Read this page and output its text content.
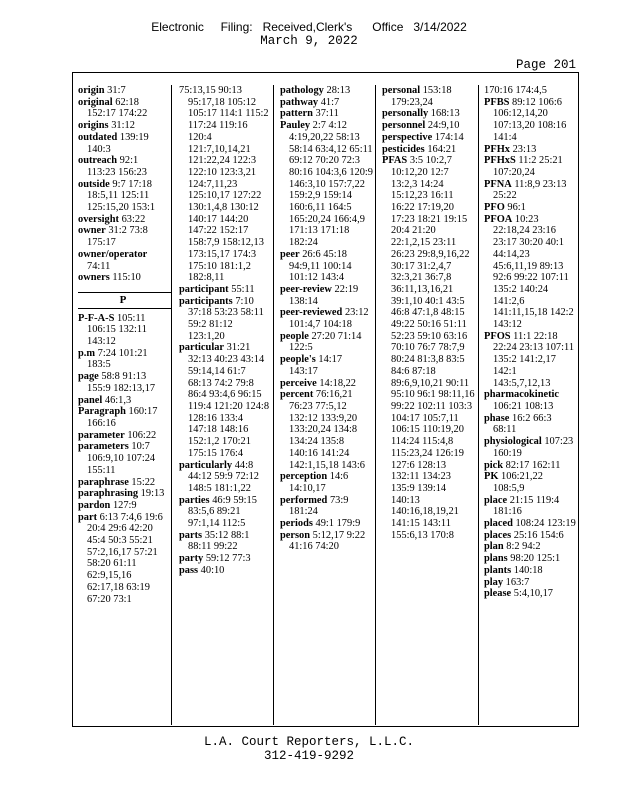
Electronic     Filing:   Received,Clerk's      Office   3/14/2022
March 9, 2022
Page 201
origin 31:7
original 62:18 152:17 174:22
origins 31:12
outdated 139:19 140:3
outreach 92:1 113:23 156:23
outside 9:7 17:18 18:5,11 125:11 125:15,20 153:1
oversight 63:22
owner 31:2 73:8 175:17
owner/operator 74:11
owners 115:10
P
P-F-A-S 105:11 106:15 132:11 143:12
p.m 7:24 101:21 183:5
page 58:8 91:13 155:9 182:13,17
panel 46:1,3
Paragraph 160:17 166:16
parameter 106:22
parameters 10:7 106:9,10 107:24 155:11
paraphrase 15:22
paraphrasing 19:13
pardon 127:9
part 6:13 7:4,6 19:6 20:4 29:6 42:20 45:4 50:3 55:21 57:2,16,17 57:21 58:20 61:11 62:9,15,16 62:17,18 63:19 67:20 73:1
75:13,15 90:13 95:17,18 105:12 105:17 114:1 115:2 117:24 119:16 120:4 121:7,10,14,21 121:22,24 122:3 122:10 123:3,21 124:7,11,23 125:10,17 127:22 130:1,4,8 130:12 140:17 144:20 147:22 152:17 158:7,9 158:12,13 173:15,17 174:3 175:10 181:1,2 182:8,11
participant 55:11
participants 7:10 37:18 53:23 58:11 59:2 81:12 123:1,20
particular 31:21 32:13 40:23 43:14 59:14,14 61:7 68:13 74:2 79:8 86:4 93:4,6 96:15 119:4 121:20 124:8 128:16 133:4 147:18 148:16 152:1,2 170:21 175:15 176:4
particularly 44:8 44:12 59:9 72:12 148:5 181:1,22
parties 46:9 59:15 83:5,6 89:21 97:1,14 112:5
parts 35:12 88:1 88:11 99:22
party 59:12 77:3
pass 40:10
pathology 28:13
pathway 41:7
pattern 37:11
Pauley 2:7 4:12 4:19,20,22 58:13 58:14 63:4,12 65:11 69:12 70:20 72:3 80:16 104:3,6 120:9 146:3,10 157:7,22 159:2,9 159:14 160:6,11 164:5 165:20,24 166:4,9 171:13 171:18 182:24
peer 26:6 45:18 94:9,11 100:14 101:12 143:4
peer-review 22:19 138:14
peer-reviewed 23:12 101:4,7 104:18
people 27:20 71:14 122:5
people's 14:17 143:17
perceive 14:18,22
percent 76:16,21 76:23 77:5,12 132:12 133:9,20 133:20,24 134:8 134:24 135:8 140:16 141:24 142:1,15,18 143:6
perception 14:6 14:10,17
performed 73:9 181:24
periods 49:1 179:9
person 5:12,17 9:22 41:16 74:20
personal 153:18 179:23,24
personally 168:13
personnel 24:9,10
perspective 174:14
pesticides 164:21
PFAS 3:5 10:2,7 10:12,20 12:7 13:2,3 14:24 15:12,23 16:11 16:22 17:19,20 17:23 18:21 19:15 20:4 21:20 22:1,2,15 23:11 26:23 29:8,9,16,22 30:17 31:2,4,7 32:3,21 36:7,8 36:11,13,16,21 39:1,10 40:1 43:5 46:8 47:1,8 48:15 49:22 50:16 51:11 52:23 59:10 63:16 70:10 76:7 78:7,9 80:24 81:3,8 83:5 84:6 87:18 89:6,9,10,21 90:11 95:10 96:1 98:11,16 99:22 102:11 103:3 104:17 105:7,11 106:15 110:19,20 114:24 115:4,8 115:23,24 126:19 127:6 128:13 132:11 134:23 135:9 139:14 140:13 140:16,18,19,21 141:15 143:11 155:6,13 170:8
170:16 174:4,5
PFBS 89:12 106:6 106:12,14,20 107:13,20 108:16 141:4
PFHx 23:13
PFHxS 11:2 25:21 107:20,24
PFNA 11:8,9 23:13 25:22
PFO 96:1
PFOA 10:23 22:18,24 23:16 23:17 30:20 40:1 44:14,23 45:6,11,19 89:13 92:6 99:22 107:11 135:2 140:24 141:2,6 141:11,15,18 142:2 143:12
PFOS 11:1 22:18 22:24 23:13 107:11 135:2 141:2,17 142:1 143:5,7,12,13
pharmacokinetic 106:21 108:13
phase 16:2 66:3 68:11
physiological 107:23 160:19
pick 82:17 162:11
PK 106:21,22 108:5,9
place 21:15 119:4 181:16
placed 108:24 123:19
places 25:16 154:6
plan 8:2 94:2
plans 98:20 125:1
plants 140:18
play 163:7
please 5:4,10,17
L.A. Court Reporters, L.L.C.
312-419-9292
